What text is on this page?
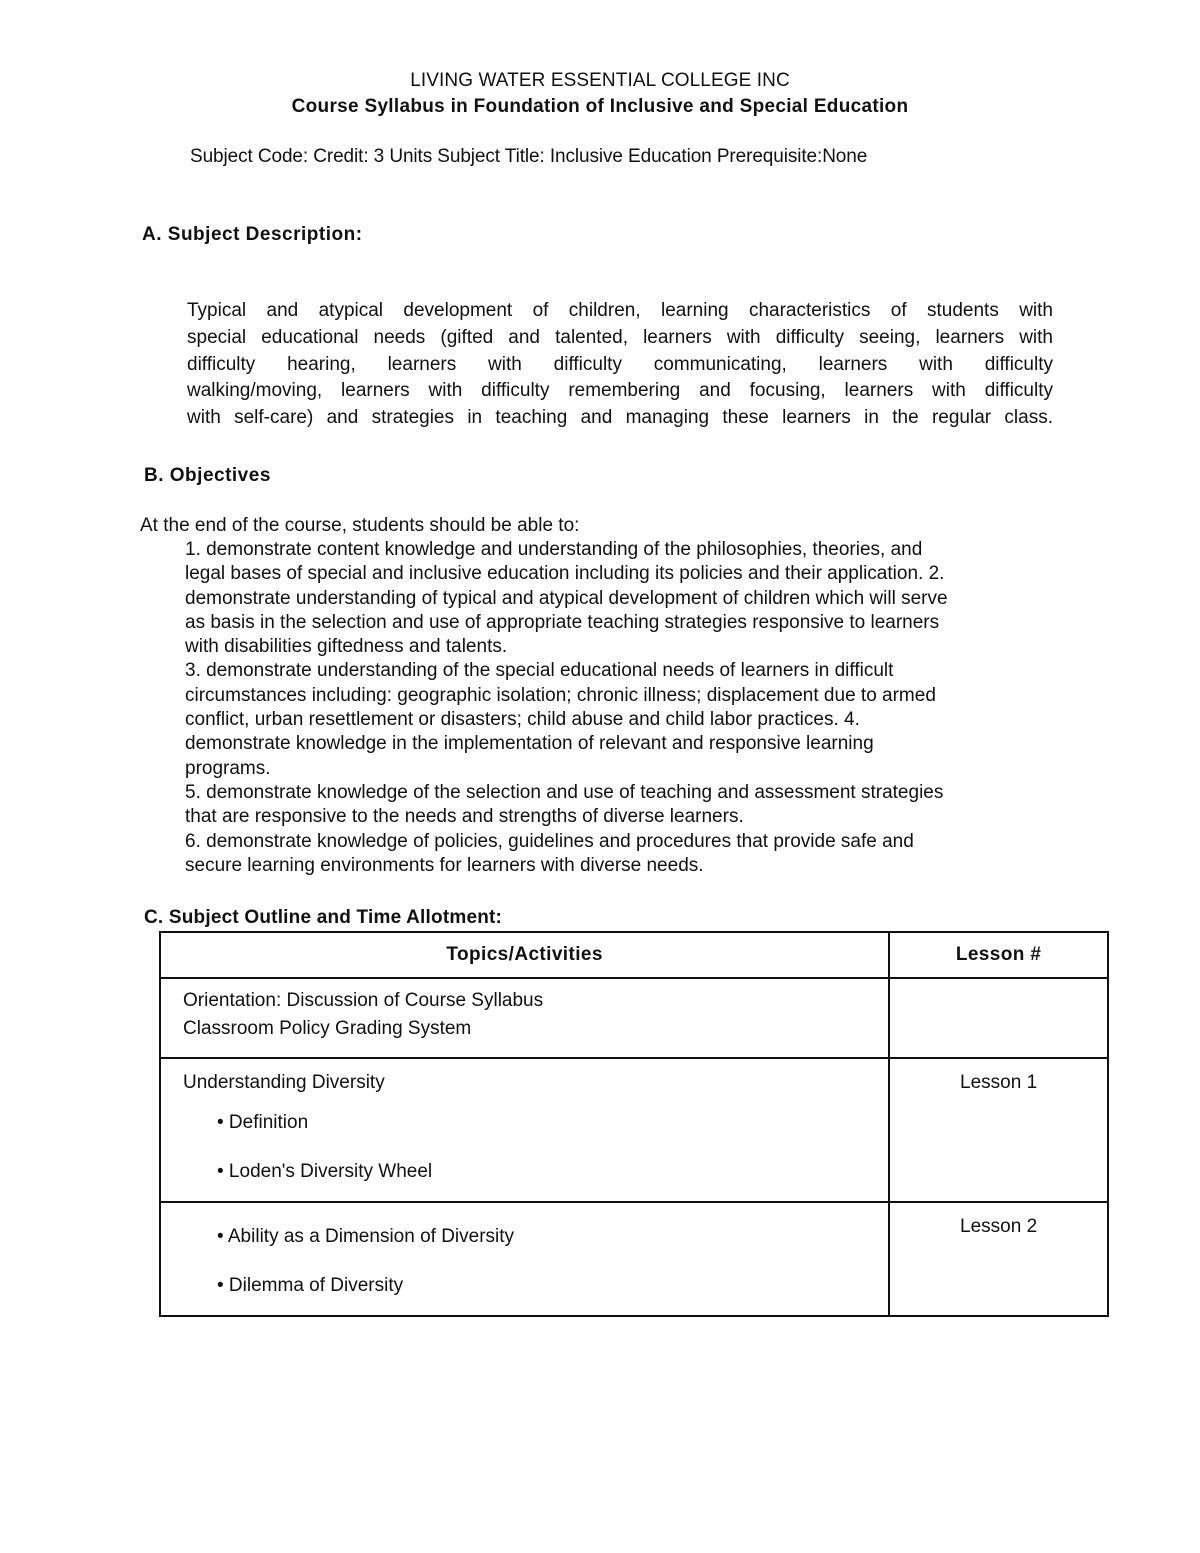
LIVING WATER ESSENTIAL COLLEGE INC
Course Syllabus in Foundation of Inclusive and Special Education
Subject Code: Credit: 3 Units Subject Title: Inclusive Education Prerequisite:None
A. Subject Description:
Typical and atypical development of children, learning characteristics of students with
special educational needs (gifted and talented, learners with difficulty seeing, learners with
difficulty hearing, learners with difficulty communicating, learners with difficulty
walking/moving, learners with difficulty remembering and focusing, learners with difficulty
with self-care) and strategies in teaching and managing these learners in the regular class.
B. Objectives
At the end of the course, students should be able to:
1. demonstrate content knowledge and understanding of the philosophies, theories, and
legal bases of special and inclusive education including its policies and their application. 2.
demonstrate understanding of typical and atypical development of children which will serve
as basis in the selection and use of appropriate teaching strategies responsive to learners
with disabilities giftedness and talents.
3. demonstrate understanding of the special educational needs of learners in difficult
circumstances including: geographic isolation; chronic illness; displacement due to armed
conflict, urban resettlement or disasters; child abuse and child labor practices. 4.
demonstrate knowledge in the implementation of relevant and responsive learning
programs.
5. demonstrate knowledge of the selection and use of teaching and assessment strategies
that are responsive to the needs and strengths of diverse learners.
6. demonstrate knowledge of policies, guidelines and procedures that provide safe and
secure learning environments for learners with diverse needs.
C. Subject Outline and Time Allotment:
Topics/Activities	Lesson #

Orientation: Discussion of Course Syllabus
Classroom Policy Grading System	

Understanding Diversity
• Definition
• Loden's Diversity Wheel	Lesson 1

• Ability as a Dimension of Diversity
• Dilemma of Diversity	Lesson 2
